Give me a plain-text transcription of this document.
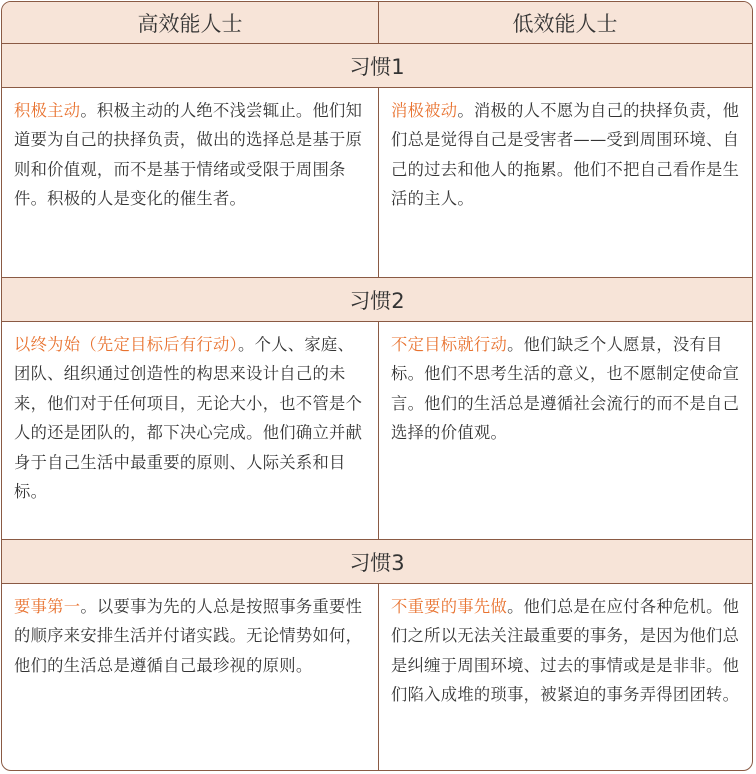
高效能人士	低效能人士
习惯1
积极主动。积极主动的人绝不浅尝辄止。他们知道要为自己的抉择负责，做出的选择总是基于原则和价值观，而不是基于情绪或受限于周围条件。积极的人是变化的催生者。
消极被动。消极的人不愿为自己的抉择负责，他们总是觉得自己是受害者——受到周围环境、自己的过去和他人的拖累。他们不把自己看作是生活的主人。
习惯2
以终为始（先定目标后有行动）。个人、家庭、团队、组织通过创造性的构思来设计自己的未来，他们对于任何项目，无论大小，也不管是个人的还是团队的，都下决心完成。他们确立并献身于自己生活中最重要的原则、人际关系和目标。
不定目标就行动。他们缺乏个人愿景，没有目标。他们不思考生活的意义，也不愿制定使命宣言。他们的生活总是遵循社会流行的而不是自己选择的价值观。
习惯3
要事第一。以要事为先的人总是按照事务重要性的顺序来安排生活并付诸实践。无论情势如何，他们的生活总是遵循自己最珍视的原则。
不重要的事先做。他们总是在应付各种危机。他们之所以无法关注最重要的事务，是因为他们总是纠缠于周围环境、过去的事情或是是非非。他们陷入成堆的琐事，被紧迫的事务弄得团团转。
